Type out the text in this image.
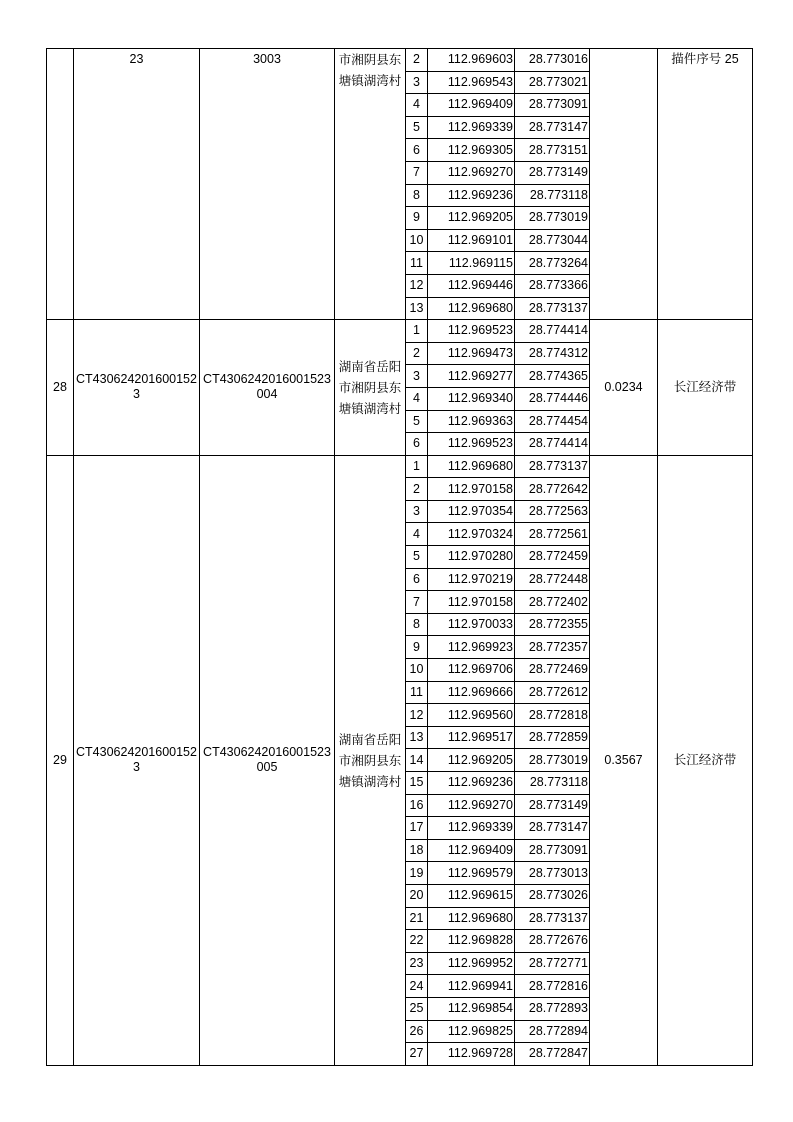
	23	3003	市湘阴县东塘镇湖湾村	2	112.969603	28.773016		描件序号 25
				3	112.969543	28.773021		
				4	112.969409	28.773091		
				5	112.969339	28.773147		
				6	112.969305	28.773151		
				7	112.969270	28.773149		
				8	112.969236	28.773118		
				9	112.969205	28.773019		
				10	112.969101	28.773044		
				11	112.969115	28.773264		
				12	112.969446	28.773366		
				13	112.969680	28.773137		
28	CT4306242016001523	CT4306242016001523004	湖南省岳阳市湘阴县东塘镇湖湾村	1	112.969523	28.774414	0.0234	长江经济带
				2	112.969473	28.774312		
				3	112.969277	28.774365		
				4	112.969340	28.774446		
				5	112.969363	28.774454		
				6	112.969523	28.774414		
29	CT4306242016001523	CT4306242016001523005	湖南省岳阳市湘阴县东塘镇湖湾村	1	112.969680	28.773137	0.3567	长江经济带
				2	112.970158	28.772642		
				3	112.970354	28.772563		
				4	112.970324	28.772561		
				5	112.970280	28.772459		
				6	112.970219	28.772448		
				7	112.970158	28.772402		
				8	112.970033	28.772355		
				9	112.969923	28.772357		
				10	112.969706	28.772469		
				11	112.969666	28.772612		
				12	112.969560	28.772818		
				13	112.969517	28.772859		
				14	112.969205	28.773019		
				15	112.969236	28.773118		
				16	112.969270	28.773149		
				17	112.969339	28.773147		
				18	112.969409	28.773091		
				19	112.969579	28.773013		
				20	112.969615	28.773026		
				21	112.969680	28.773137		
				22	112.969828	28.772676		
				23	112.969952	28.772771		
				24	112.969941	28.772816		
				25	112.969854	28.772893		
				26	112.969825	28.772894		
				27	112.969728	28.772847		
